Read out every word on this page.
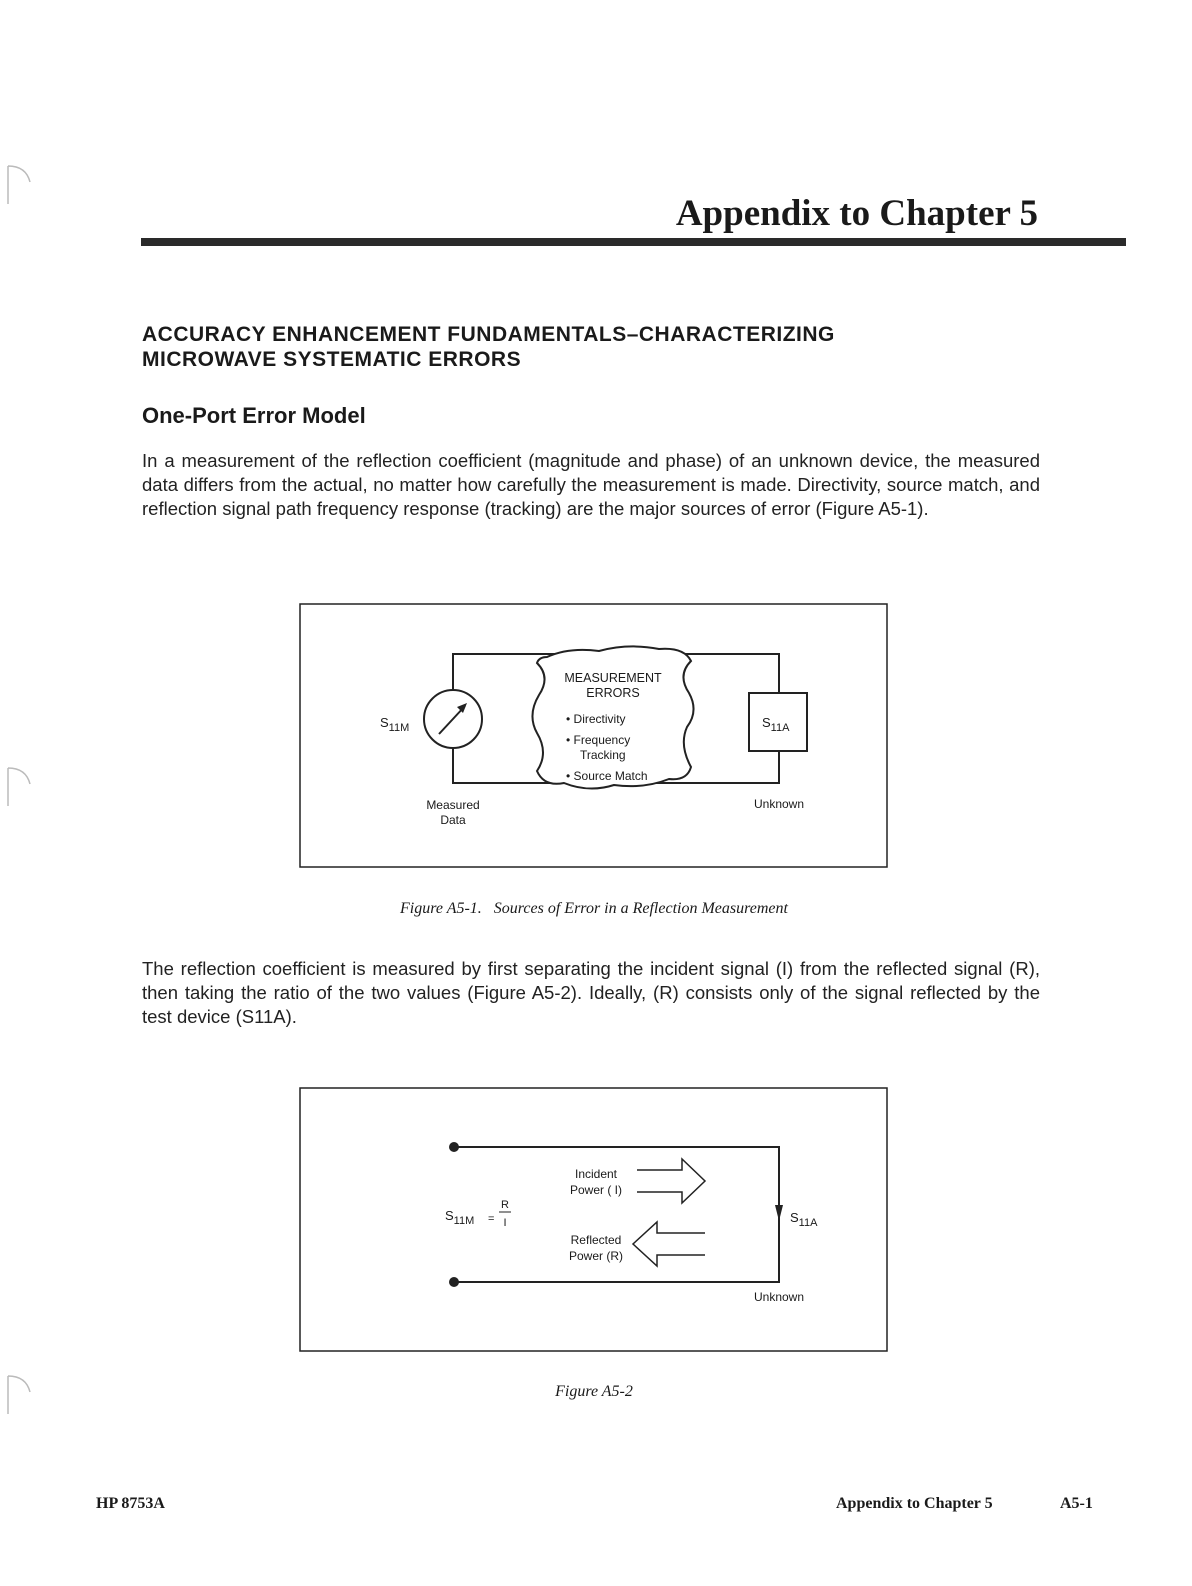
Appendix to Chapter 5
ACCURACY ENHANCEMENT FUNDAMENTALS–CHARACTERIZING
MICROWAVE SYSTEMATIC ERRORS
One-Port Error Model
In a measurement of the reflection coefficient (magnitude and phase) of an unknown device, the measured data differs from the actual, no matter how carefully the measurement is made. Directivity, source match, and reflection signal path frequency response (tracking) are the major sources of error (Figure A5-1).
MEASUREMENT
ERRORS
• Directivity
• Frequency
Tracking
• Source Match
$S_{11M}$	$S_{11A}$
Measured
Data
Unknown
Figure A5-1. Sources of Error in a Reflection Measurement
The reflection coefficient is measured by first separating the incident signal (I) from the reflected signal (R), then taking the ratio of the two values (Figure A5-2). Ideally, (R) consists only of the signal reflected by the test device (S11A).
Incident
Power ( I)
Reflected
Power (R)
$S_{11M}$ =
R
I	$S_{11A}$
Unknown
Figure A5-2
HP 8753A	Appendix to Chapter 5	A5-1
